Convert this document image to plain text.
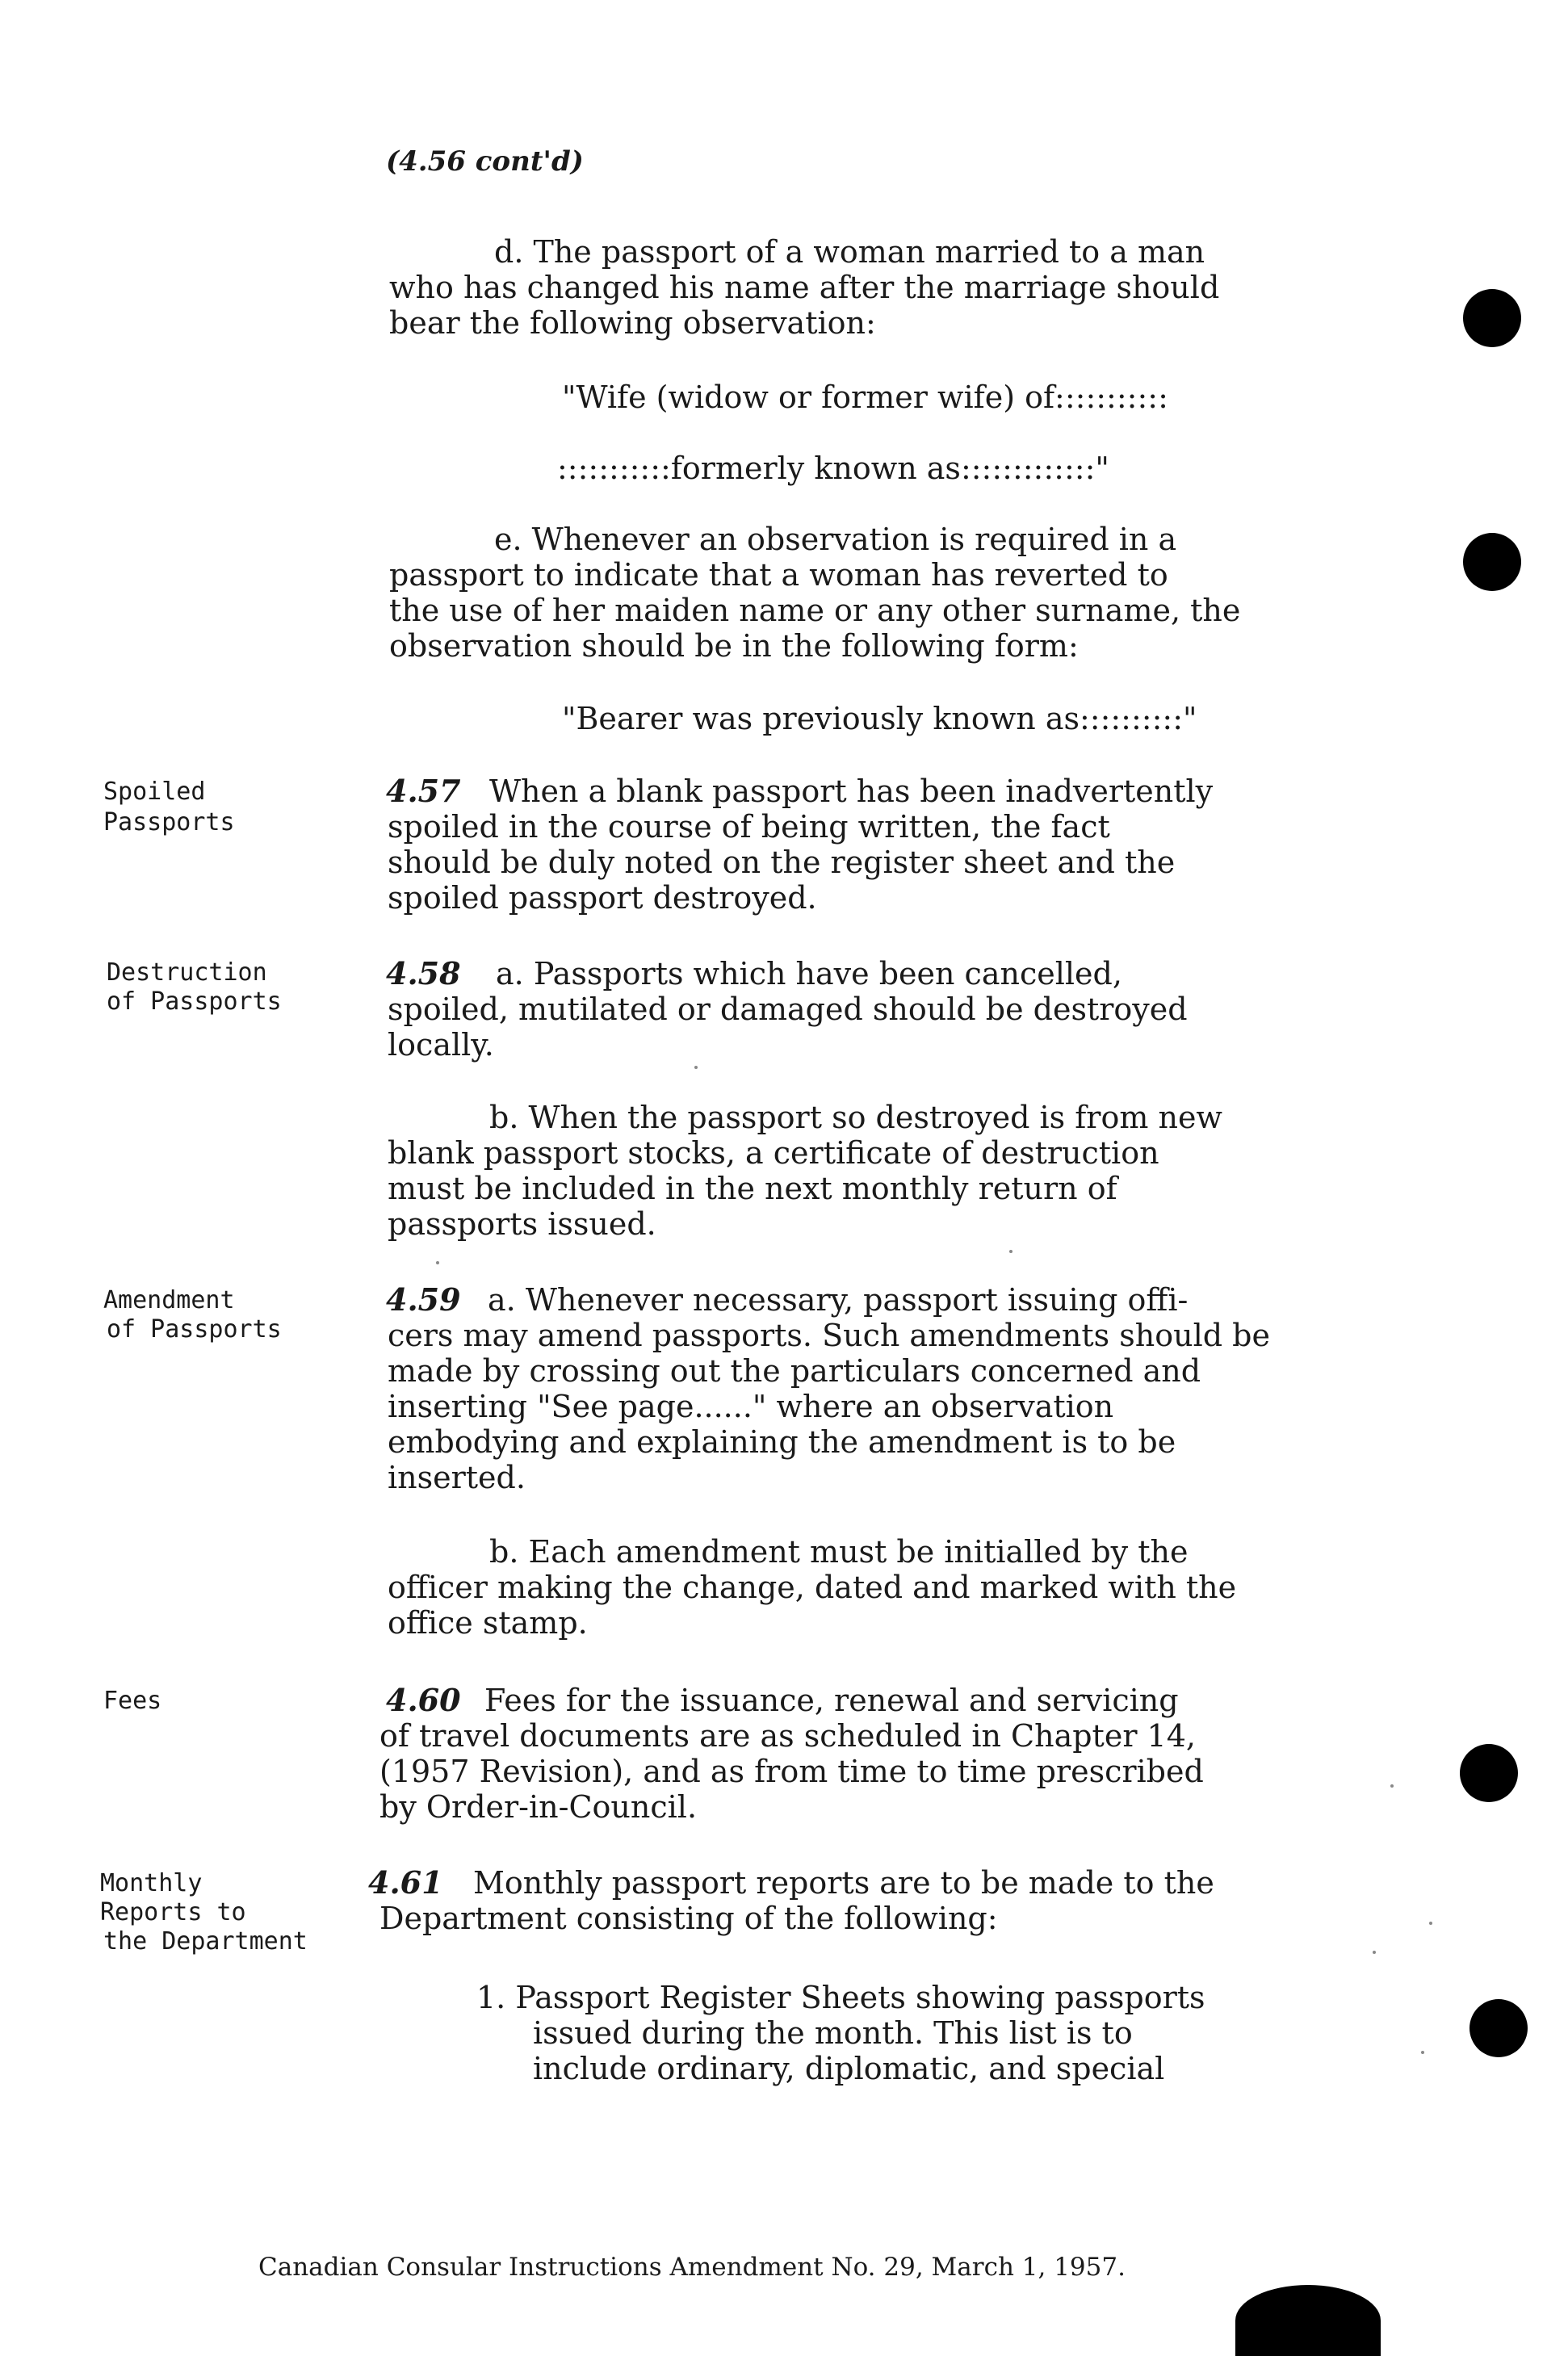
(4.56 cont'd)
d. The passport of a woman married to a man
who has changed his name after the marriage should
bear the following observation:
"Wife (widow or former wife) of:::::::::::
:::::::::::formerly known as:::::::::::::"
e. Whenever an observation is required in a
passport to indicate that a woman has reverted to
the use of her maiden name or any other surname, the
observation should be in the following form:
"Bearer was previously known as::::::::::"
Spoiled
Passports
4.57 When a blank passport has been inadvertently
spoiled in the course of being written, the fact
should be duly noted on the register sheet and the
spoiled passport destroyed.
Destruction
of Passports
4.58 a. Passports which have been cancelled,
spoiled, mutilated or damaged should be destroyed
locally.
b. When the passport so destroyed is from new
blank passport stocks, a certificate of destruction
must be included in the next monthly return of
passports issued.
Amendment
of Passports
4.59 a. Whenever necessary, passport issuing offi-
cers may amend passports. Such amendments should be
made by crossing out the particulars concerned and
inserting "See page......" where an observation
embodying and explaining the amendment is to be
inserted.
b. Each amendment must be initialled by the
officer making the change, dated and marked with the
office stamp.
Fees	4.60 Fees for the issuance, renewal and servicing
of travel documents are as scheduled in Chapter 14,
(1957 Revision), and as from time to time prescribed
by Order-in-Council.
Monthly
Reports to
the Department
4.61 Monthly passport reports are to be made to the
Department consisting of the following:
1. Passport Register Sheets showing passports
issued during the month. This list is to
include ordinary, diplomatic, and special
Canadian Consular Instructions Amendment No. 29, March 1, 1957.
